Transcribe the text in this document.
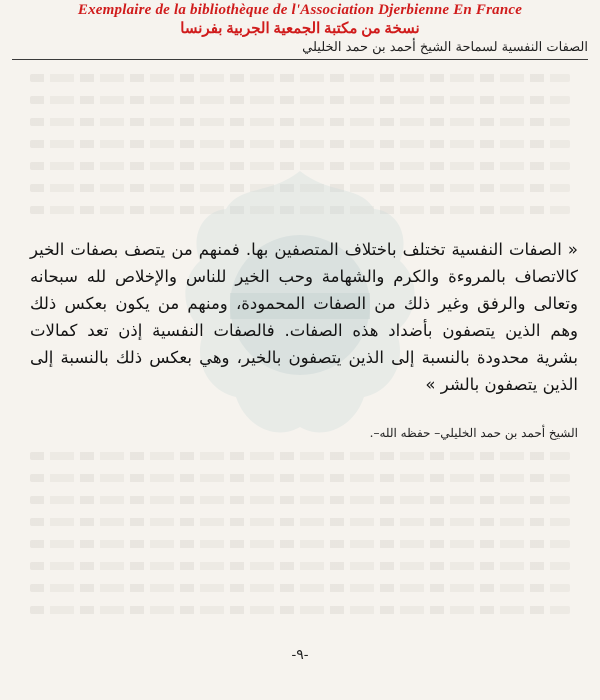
Exemplaire de la bibliothèque de l'Association Djerbienne En France
نسخة من مكتبة الجمعية الجربية بفرنسا
الصفات النفسية لسماحة الشيخ أحمد بن حمد الخليلي
« الصفات النفسية تختلف باختلاف المتصفين بها. فمنهم من يتصف بصفات الخير كالاتصاف بالمروءة والكرم والشهامة وحب الخير للناس والإخلاص لله سبحانه وتعالى والرفق وغير ذلك من الصفات المحمودة، ومنهم من يكون بعكس ذلك وهم الذين يتصفون بأضداد هذه الصفات. فالصفات النفسية إذن تعد كمالات بشرية محدودة بالنسبة إلى الذين يتصفون بالخير، وهي بعكس ذلك بالنسبة إلى الذين يتصفون بالشر »
الشيخ أحمد بن حمد الخليلي– حفظه الله–.
-٩-
